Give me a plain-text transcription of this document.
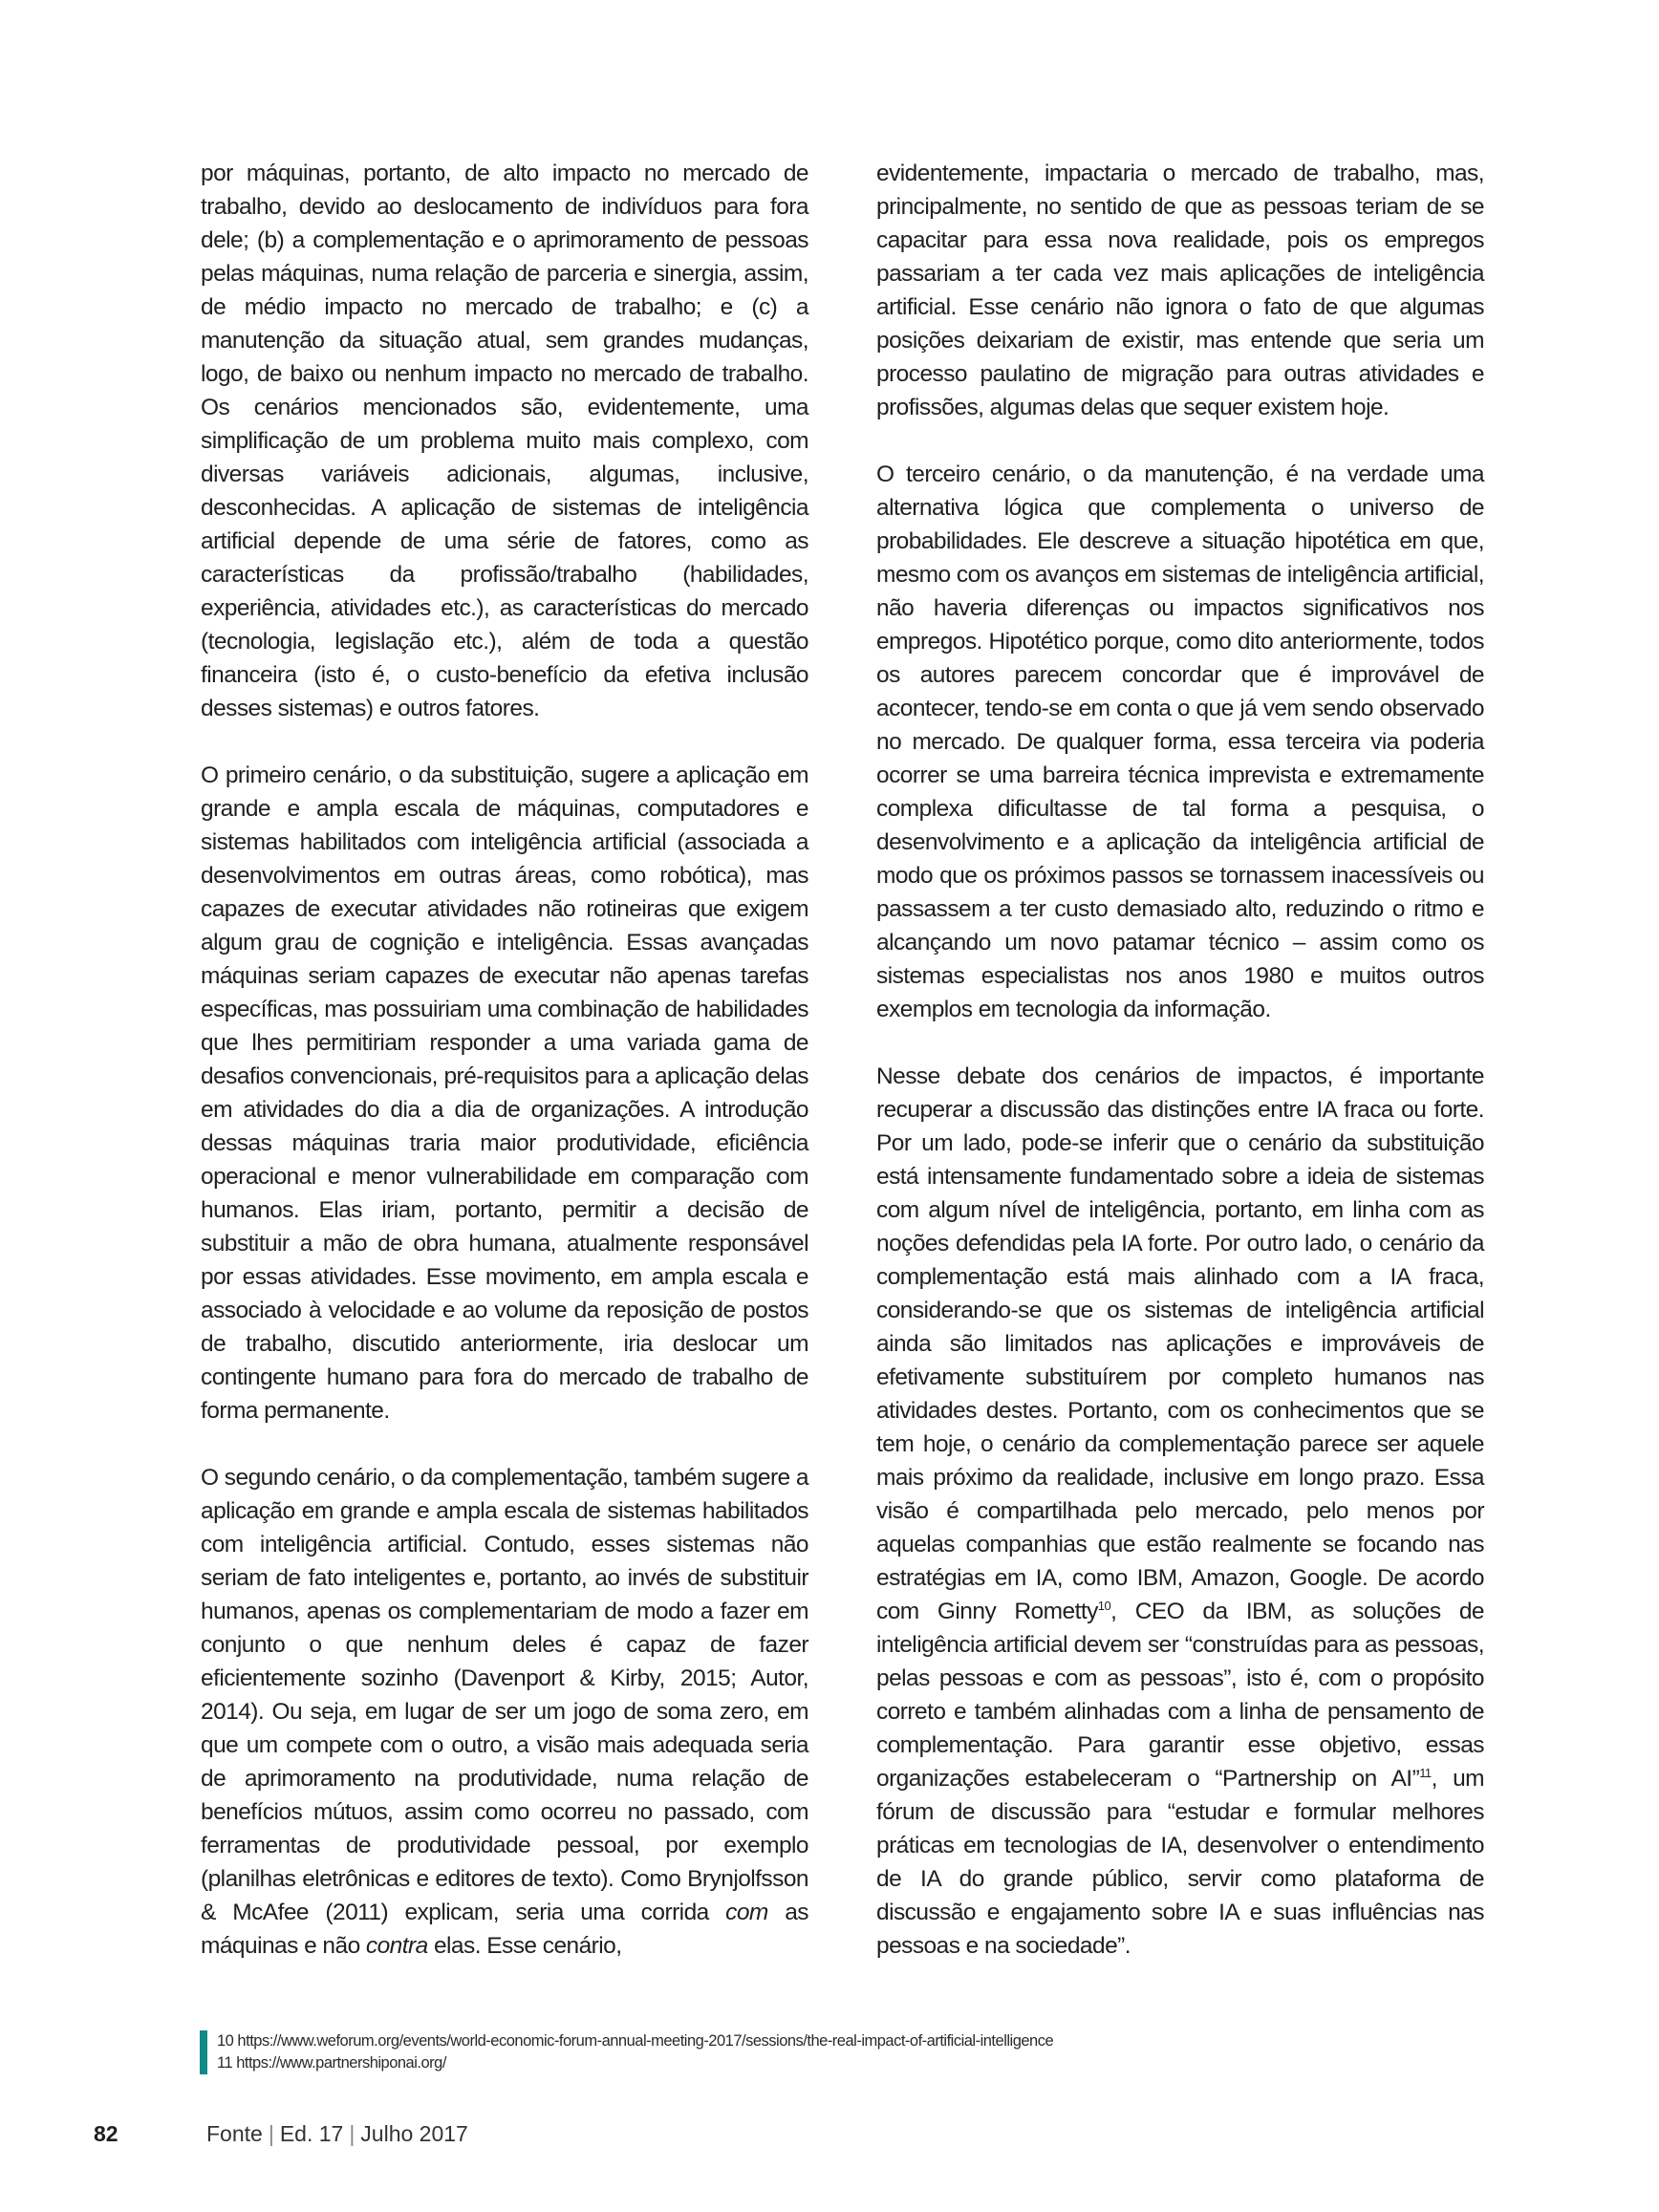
por máquinas, portanto, de alto impacto no mercado de trabalho, devido ao deslocamento de indivíduos para fora dele; (b) a complementação e o aprimoramento de pessoas pelas máquinas, numa relação de parceria e sinergia, assim, de médio impacto no mercado de trabalho; e (c) a manutenção da situação atual, sem grandes mudanças, logo, de baixo ou nenhum impacto no mercado de trabalho. Os cenários mencionados são, evidentemente, uma simplificação de um problema muito mais complexo, com diversas variáveis adicionais, algumas, inclusive, desconhecidas. A aplicação de sistemas de inteligência artificial depende de uma série de fatores, como as características da profissão/trabalho (habilidades, experiência, atividades etc.), as características do mercado (tecnologia, legislação etc.), além de toda a questão financeira (isto é, o custo-benefício da efetiva inclusão desses sistemas) e outros fatores.

O primeiro cenário, o da substituição, sugere a aplicação em grande e ampla escala de máquinas, computadores e sistemas habilitados com inteligência artificial (associada a desenvolvimentos em outras áreas, como robótica), mas capazes de executar atividades não rotineiras que exigem algum grau de cognição e inteligência. Essas avançadas máquinas seriam capazes de executar não apenas tarefas específicas, mas possuiriam uma combinação de habilidades que lhes permitiriam responder a uma variada gama de desafios convencionais, pré-requisitos para a aplicação delas em atividades do dia a dia de organizações. A introdução dessas máquinas traria maior produtividade, eficiência operacional e menor vulnerabilidade em comparação com humanos. Elas iriam, portanto, permitir a decisão de substituir a mão de obra humana, atualmente responsável por essas atividades. Esse movimento, em ampla escala e associado à velocidade e ao volume da reposição de postos de trabalho, discutido anteriormente, iria deslocar um contingente humano para fora do mercado de trabalho de forma permanente.

O segundo cenário, o da complementação, também sugere a aplicação em grande e ampla escala de sistemas habilitados com inteligência artificial. Contudo, esses sistemas não seriam de fato inteligentes e, portanto, ao invés de substituir humanos, apenas os complementariam de modo a fazer em conjunto o que nenhum deles é capaz de fazer eficientemente sozinho (Davenport & Kirby, 2015; Autor, 2014). Ou seja, em lugar de ser um jogo de soma zero, em que um compete com o outro, a visão mais adequada seria de aprimoramento na produtividade, numa relação de benefícios mútuos, assim como ocorreu no passado, com ferramentas de produtividade pessoal, por exemplo (planilhas eletrônicas e editores de texto). Como Brynjolfsson & McAfee (2011) explicam, seria uma corrida com as máquinas e não contra elas. Esse cenário,

evidentemente, impactaria o mercado de trabalho, mas, principalmente, no sentido de que as pessoas teriam de se capacitar para essa nova realidade, pois os empregos passariam a ter cada vez mais aplicações de inteligência artificial. Esse cenário não ignora o fato de que algumas posições deixariam de existir, mas entende que seria um processo paulatino de migração para outras atividades e profissões, algumas delas que sequer existem hoje.

O terceiro cenário, o da manutenção, é na verdade uma alternativa lógica que complementa o universo de probabilidades. Ele descreve a situação hipotética em que, mesmo com os avanços em sistemas de inteligência artificial, não haveria diferenças ou impactos significativos nos empregos. Hipotético porque, como dito anteriormente, todos os autores parecem concordar que é improvável de acontecer, tendo-se em conta o que já vem sendo observado no mercado. De qualquer forma, essa terceira via poderia ocorrer se uma barreira técnica imprevista e extremamente complexa dificultasse de tal forma a pesquisa, o desenvolvimento e a aplicação da inteligência artificial de modo que os próximos passos se tornassem inacessíveis ou passassem a ter custo demasiado alto, reduzindo o ritmo e alcançando um novo patamar técnico – assim como os sistemas especialistas nos anos 1980 e muitos outros exemplos em tecnologia da informação.

Nesse debate dos cenários de impactos, é importante recuperar a discussão das distinções entre IA fraca ou forte. Por um lado, pode-se inferir que o cenário da substituição está intensamente fundamentado sobre a ideia de sistemas com algum nível de inteligência, portanto, em linha com as noções defendidas pela IA forte. Por outro lado, o cenário da complementação está mais alinhado com a IA fraca, considerando-se que os sistemas de inteligência artificial ainda são limitados nas aplicações e improváveis de efetivamente substituírem por completo humanos nas atividades destes. Portanto, com os conhecimentos que se tem hoje, o cenário da complementação parece ser aquele mais próximo da realidade, inclusive em longo prazo. Essa visão é compartilhada pelo mercado, pelo menos por aquelas companhias que estão realmente se focando nas estratégias em IA, como IBM, Amazon, Google. De acordo com Ginny Rometty$^{10}$, CEO da IBM, as soluções de inteligência artificial devem ser “construídas para as pessoas, pelas pessoas e com as pessoas”, isto é, com o propósito correto e também alinhadas com a linha de pensamento de complementação. Para garantir esse objetivo, essas organizações estabeleceram o “Partnership on AI”$^{11}$, um fórum de discussão para “estudar e formular melhores práticas em tecnologias de IA, desenvolver o entendimento de IA do grande público, servir como plataforma de discussão e engajamento sobre IA e suas influências nas pessoas e na sociedade”.

10 https://www.weforum.org/events/world-economic-forum-annual-meeting-2017/sessions/the-real-impact-of-artificial-intelligence
11 https://www.partnershiponai.org/
82	Fonte | Ed. 17 | Julho 2017
